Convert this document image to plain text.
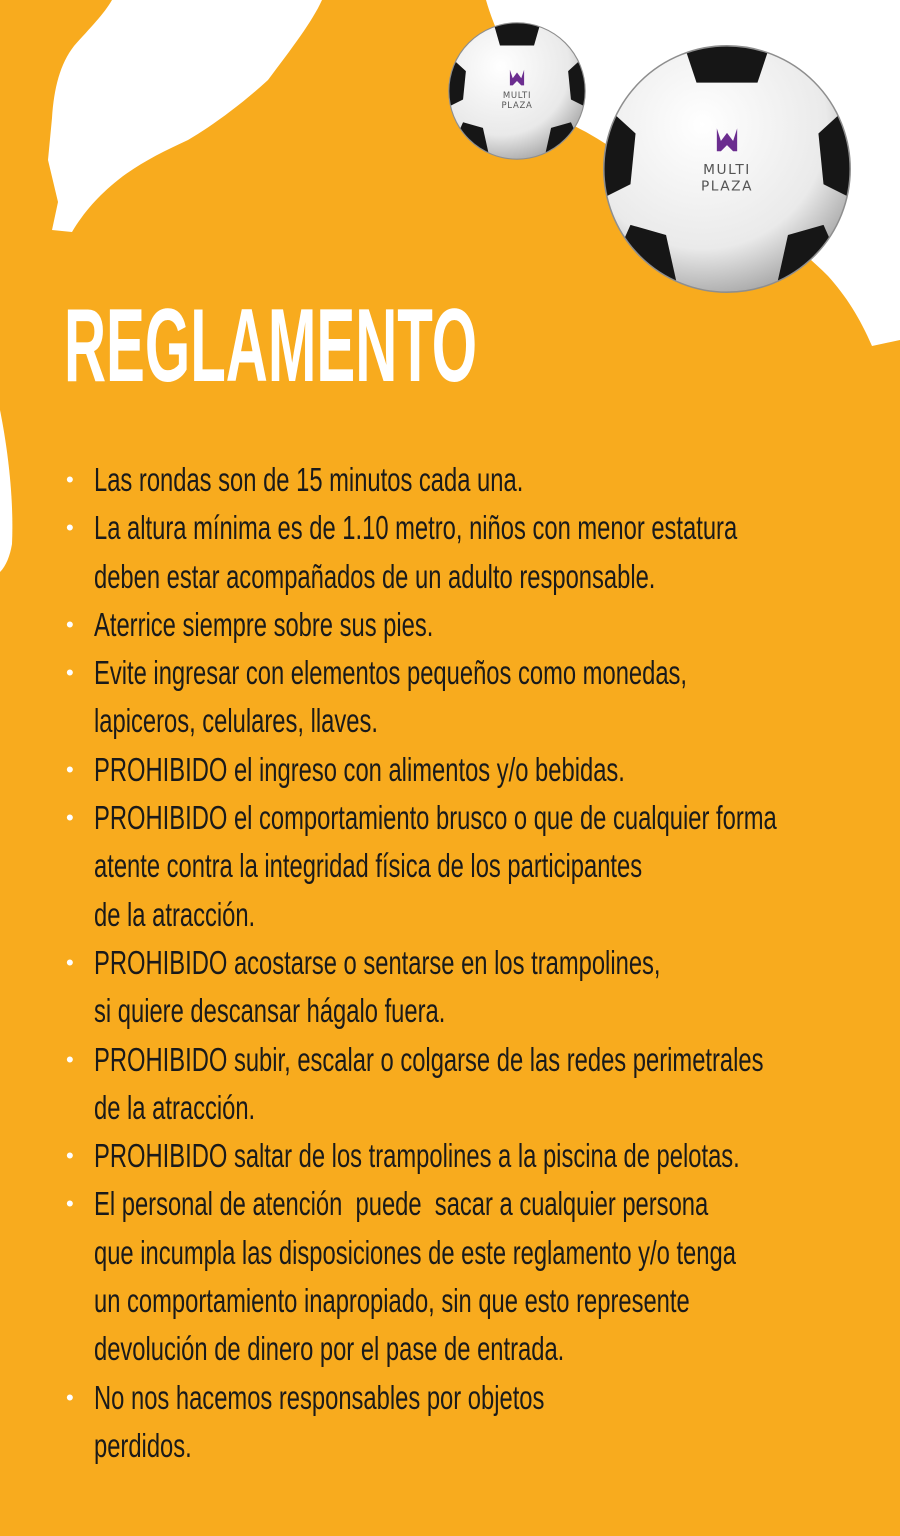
MULTI
PLAZA
MULTI
PLAZA
REGLAMENTO
• Las rondas son de 15 minutos cada una.
• La altura mínima es de 1.10 metro, niños con menor estatura
deben estar acompañados de un adulto responsable.
• Aterrice siempre sobre sus pies.
• Evite ingresar con elementos pequeños como monedas,
lapiceros, celulares, llaves.
• PROHIBIDO el ingreso con alimentos y/o bebidas.
• PROHIBIDO el comportamiento brusco o que de cualquier forma
atente contra la integridad física de los participantes
de la atracción.
• PROHIBIDO acostarse o sentarse en los trampolines,
si quiere descansar hágalo fuera.
• PROHIBIDO subir, escalar o colgarse de las redes perimetrales
de la atracción.
• PROHIBIDO saltar de los trampolines a la piscina de pelotas.
• El personal de atención  puede  sacar a cualquier persona
que incumpla las disposiciones de este reglamento y/o tenga
un comportamiento inapropiado, sin que esto represente
devolución de dinero por el pase de entrada.
• No nos hacemos responsables por objetos
perdidos.
